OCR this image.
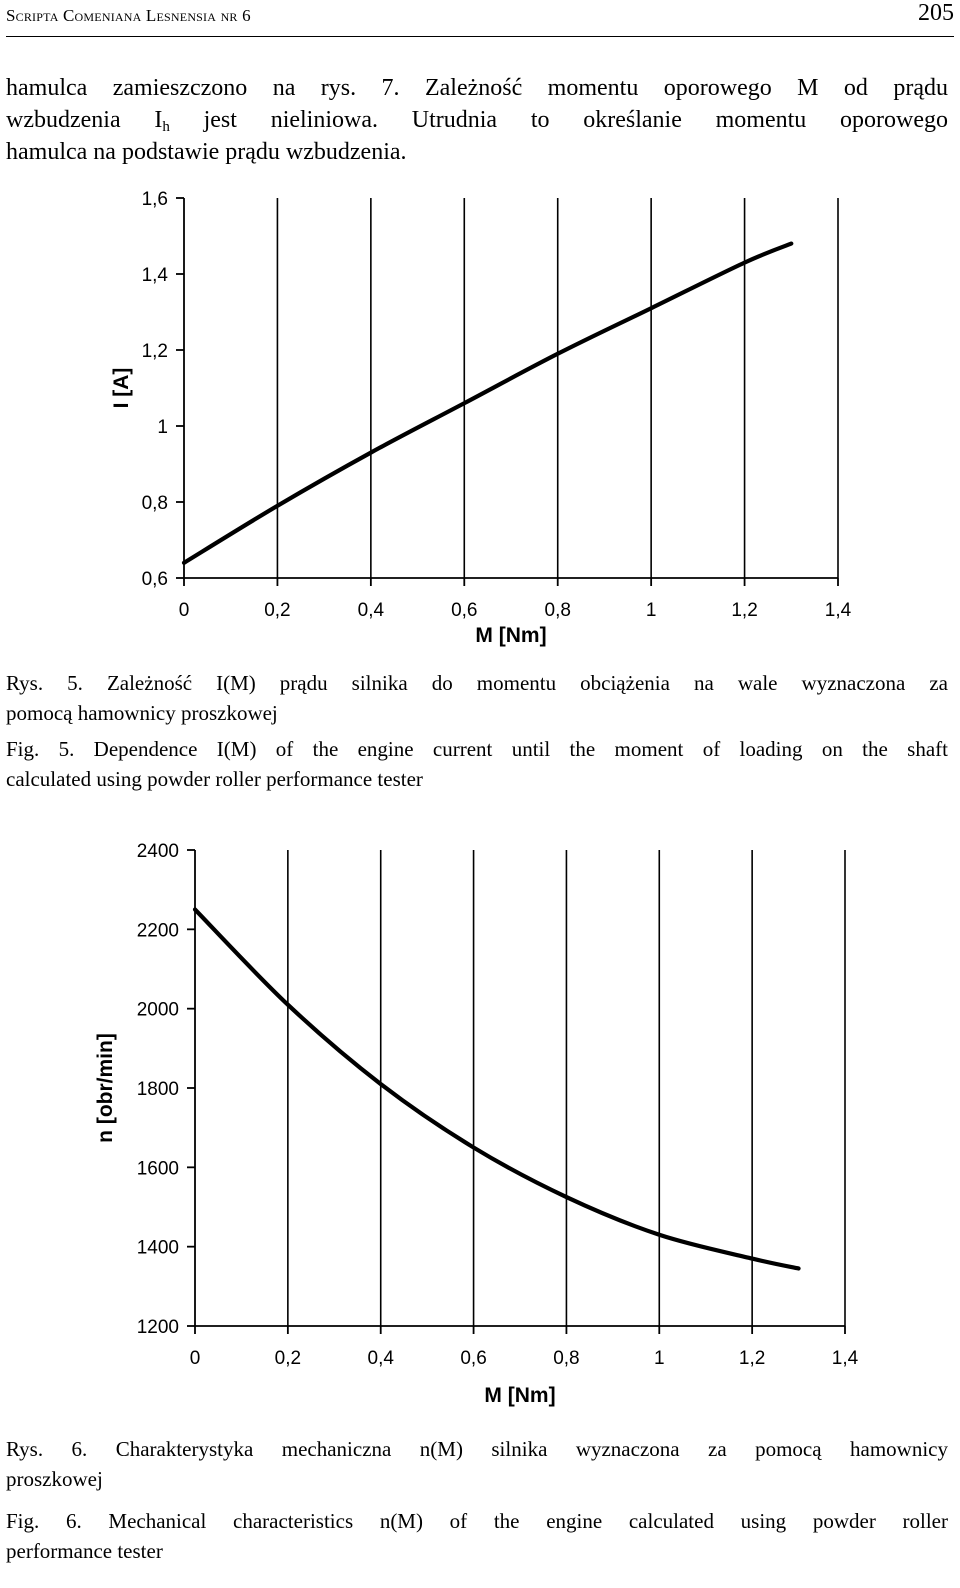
Scripta Comeniana Lesnensia nr 6	205
hamulca zamieszczono na rys. 7. Zależność momentu oporowego M od prądu
wzbudzenia $I_h$ jest nieliniowa. Utrudnia to określanie momentu oporowego
hamulca na podstawie prądu wzbudzenia.
1,6
1,4
1,2
1
0,8
0,6
0	0,2	0,4	0,6	0,8	1	1,2	1,4
M [Nm]
I [A]
Rys. 5. Zależność I(M) prądu silnika do momentu obciążenia na wale wyznaczona za
pomocą hamownicy proszkowej
Fig. 5. Dependence I(M) of the engine current until the moment of loading on the shaft
calculated using powder roller performance tester
2400
2200
2000
1800
1600
1400
1200
0	0,2	0,4	0,6	0,8	1	1,2	1,4
M [Nm]
n [obr/min]
Rys. 6. Charakterystyka mechaniczna n(M) silnika wyznaczona za pomocą hamownicy
proszkowej
Fig. 6. Mechanical characteristics n(M) of the engine calculated using powder roller
performance tester
